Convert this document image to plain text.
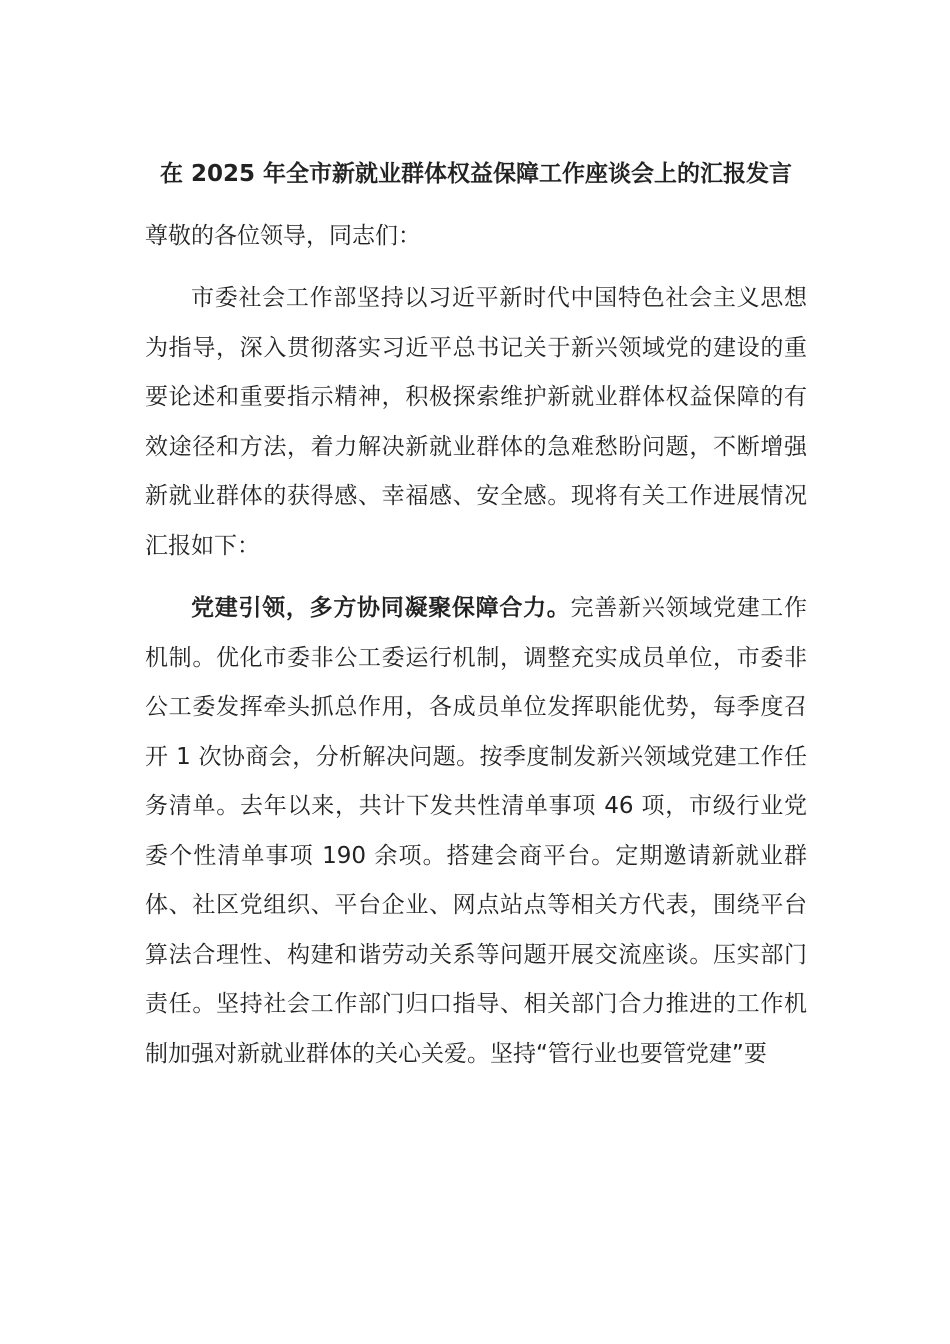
在 2025 年全市新就业群体权益保障工作座谈会上的汇报发言

尊敬的各位领导，同志们：

市委社会工作部坚持以习近平新时代中国特色社会主义思想为指导，深入贯彻落实习近平总书记关于新兴领域党的建设的重要论述和重要指示精神，积极探索维护新就业群体权益保障的有效途径和方法，着力解决新就业群体的急难愁盼问题，不断增强新就业群体的获得感、幸福感、安全感。现将有关工作进展情况汇报如下：

党建引领，多方协同凝聚保障合力。完善新兴领域党建工作机制。优化市委非公工委运行机制，调整充实成员单位，市委非公工委发挥牵头抓总作用，各成员单位发挥职能优势，每季度召开 1 次协商会，分析解决问题。按季度制发新兴领域党建工作任务清单。去年以来，共计下发共性清单事项 46 项，市级行业党委个性清单事项 190 余项。搭建会商平台。定期邀请新就业群体、社区党组织、平台企业、网点站点等相关方代表，围绕平台算法合理性、构建和谐劳动关系等问题开展交流座谈。压实部门责任。坚持社会工作部门归口指导、相关部门合力推进的工作机制加强对新就业群体的关心关爱。坚持“管行业也要管党建”要
